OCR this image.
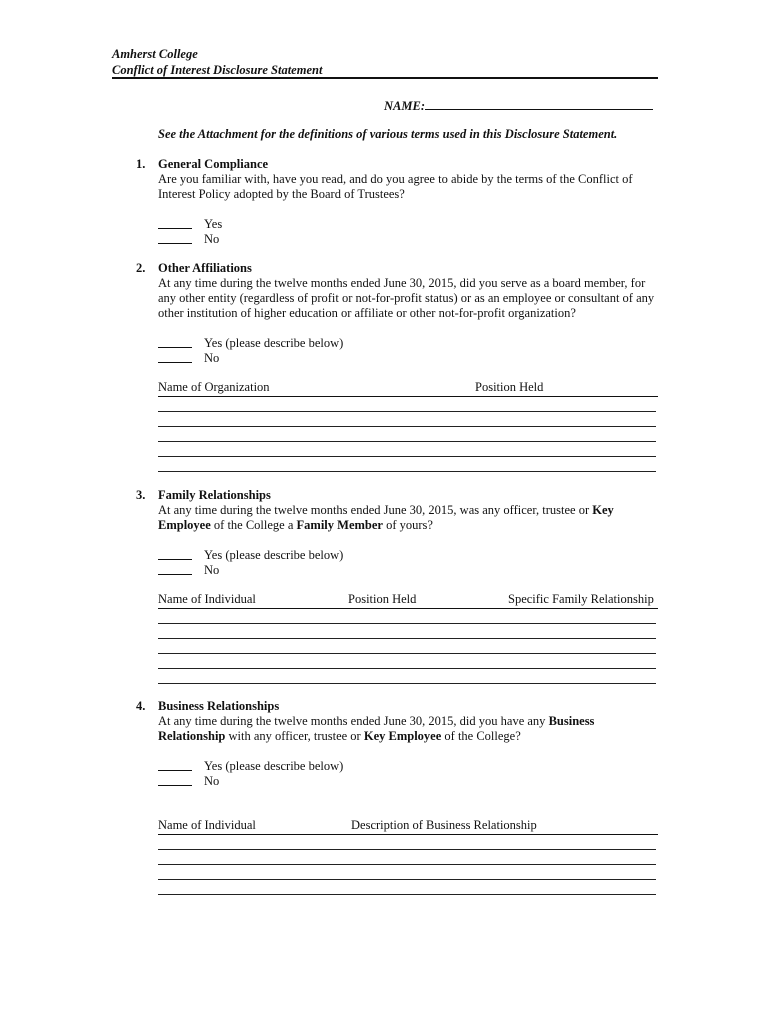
Amherst College
Conflict of Interest Disclosure Statement
NAME:
See the Attachment for the definitions of various terms used in this Disclosure Statement.
1. General Compliance
Are you familiar with, have you read, and do you agree to abide by the terms of the Conflict of Interest Policy adopted by the Board of Trustees?
Yes
No
2. Other Affiliations
At any time during the twelve months ended June 30, 2015, did you serve as a board member, for any other entity (regardless of profit or not-for-profit status) or as an employee or consultant of any other institution of higher education or affiliate or other not-for-profit organization?
Yes (please describe below)
No
Name of Organization	Position Held
3. Family Relationships
At any time during the twelve months ended June 30, 2015, was any officer, trustee or Key Employee of the College a Family Member of yours?
Yes (please describe below)
No
Name of Individual	Position Held	Specific Family Relationship
4. Business Relationships
At any time during the twelve months ended June 30, 2015, did you have any Business Relationship with any officer, trustee or Key Employee of the College?
Yes (please describe below)
No
Name of Individual	Description of Business Relationship
